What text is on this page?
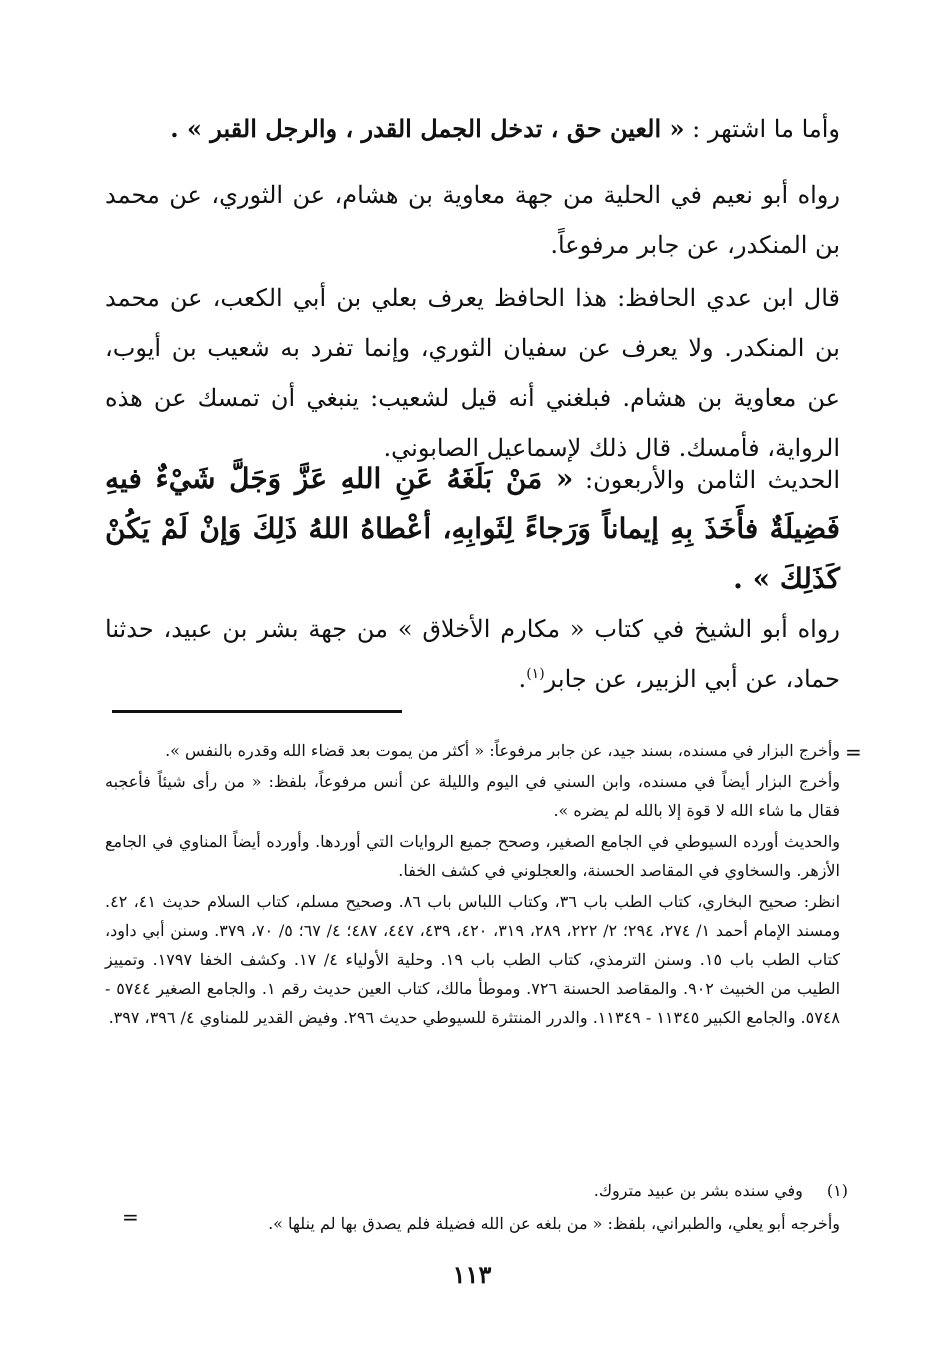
وأما ما اشتهر : « العين حق ، تدخل الجمل القدر ، والرجل القبر » .

رواه أبو نعيم في الحلية من جهة معاوية بن هشام، عن الثوري، عن محمد بن المنكدر، عن جابر مرفوعاً.

قال ابن عدي الحافظ: هذا الحافظ يعرف بعلي بن أبي الكعب، عن محمد بن المنكدر. ولا يعرف عن سفيان الثوري، وإنما تفرد به شعيب بن أيوب، عن معاوية بن هشام. فبلغني أنه قيل لشعيب: ينبغي أن تمسك عن هذه الرواية، فأمسك. قال ذلك لإسماعيل الصابوني.

الحديث الثامن والأربعون: « مَنْ بَلَغَهُ عَنِ اللهِ عَزَّ وَجَلَّ شَيْءٌ فيهِ فَضِيلَةٌ فأَخَذَ بِهِ إيماناً وَرَجاءً لِثَوابِهِ، أعْطاهُ اللهُ ذَلِكَ وَإنْ لَمْ يَكُنْ كَذَلِكَ » .

رواه أبو الشيخ في كتاب « مكارم الأخلاق » من جهة بشر بن عبيد، حدثنا حماد، عن أبي الزبير، عن جابر$^{(١)}$.

=

وأخرج البزار في مسنده، بسند جيد، عن جابر مرفوعاً: « أكثر من يموت بعد قضاء الله وقدره بالنفس ».

وأخرج البزار أيضاً في مسنده، وابن السني في اليوم والليلة عن أنس مرفوعاً، بلفظ: « من رأى شيئاً فأعجبه فقال ما شاء الله لا قوة إلا بالله لم يضره ».

والحديث أورده السيوطي في الجامع الصغير، وصحح جميع الروايات التي أوردها. وأورده أيضاً المناوي في الجامع الأزهر. والسخاوي في المقاصد الحسنة، والعجلوني في كشف الخفا.

انظر: صحيح البخاري، كتاب الطب باب ٣٦، وكتاب اللباس باب ٨٦. وصحيح مسلم، كتاب السلام حديث ٤١، ٤٢. ومسند الإمام أحمد ١/ ٢٧٤، ٢٩٤؛ ٢/ ٢٢٢، ٢٨٩، ٣١٩، ٤٢٠، ٤٣٩، ٤٤٧، ٤٨٧؛ ٤/ ٦٧؛ ٥/ ٧٠، ٣٧٩. وسنن أبي داود، كتاب الطب باب ١٥. وسنن الترمذي، كتاب الطب باب ١٩. وحلية الأولياء ٤/ ١٧. وكشف الخفا ١٧٩٧. وتمييز الطيب من الخبيث ٩٠٢. والمقاصد الحسنة ٧٢٦. وموطأ مالك، كتاب العين حديث رقم ١. والجامع الصغير ٥٧٤٤ - ٥٧٤٨. والجامع الكبير ١١٣٤٥ - ١١٣٤٩. والدرر المنتثرة للسيوطي حديث ٢٩٦. وفيض القدير للمناوي ٤/ ٣٩٦، ٣٩٧.

(١) وفي سنده بشر بن عبيد متروك.
وأخرجه أبو يعلي، والطبراني، بلفظ: « من بلغه عن الله فضيلة فلم يصدق بها لم ينلها ».
=
١١٣
